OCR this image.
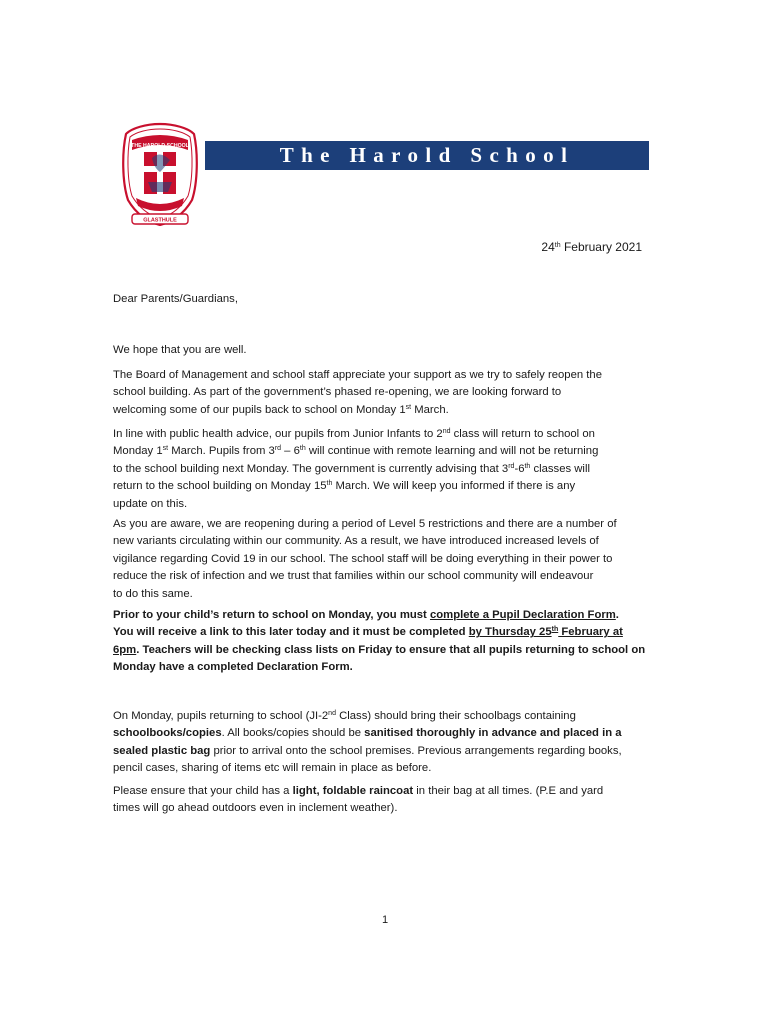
THE HAROLD SCHOOL
GLASTHULE
The Harold School
24th February 2021

Dear Parents/Guardians,

We hope that you are well.

The Board of Management and school staff appreciate your support as we try to safely reopen the

school building. As part of the government’s phased re-opening, we are looking forward to

welcoming some of our pupils back to school on Monday 1st March.

In line with public health advice, our pupils from Junior Infants to 2nd class will return to school on

Monday 1st March. Pupils from 3rd – 6th will continue with remote learning and will not be returning

to the school building next Monday. The government is currently advising that 3rd-6th classes will

return to the school building on Monday 15th March. We will keep you informed if there is any

update on this.

As you are aware, we are reopening during a period of Level 5 restrictions and there are a number of

new variants circulating within our community. As a result, we have introduced increased levels of

vigilance regarding Covid 19 in our school. The school staff will be doing everything in their power to

reduce the risk of infection and we trust that families within our school community will endeavour

to do this same.

Prior to your child’s return to school on Monday, you must complete a Pupil Declaration Form.

You will receive a link to this later today and it must be completed by Thursday 25th February at

6pm. Teachers will be checking class lists on Friday to ensure that all pupils returning to school on

Monday have a completed Declaration Form.

On Monday, pupils returning to school (JI-2nd Class) should bring their schoolbags containing

schoolbooks/copies. All books/copies should be sanitised thoroughly in advance and placed in a

sealed plastic bag prior to arrival onto the school premises. Previous arrangements regarding books,

pencil cases, sharing of items etc will remain in place as before.

Please ensure that your child has a light, foldable raincoat in their bag at all times. (P.E and yard

times will go ahead outdoors even in inclement weather).

1
